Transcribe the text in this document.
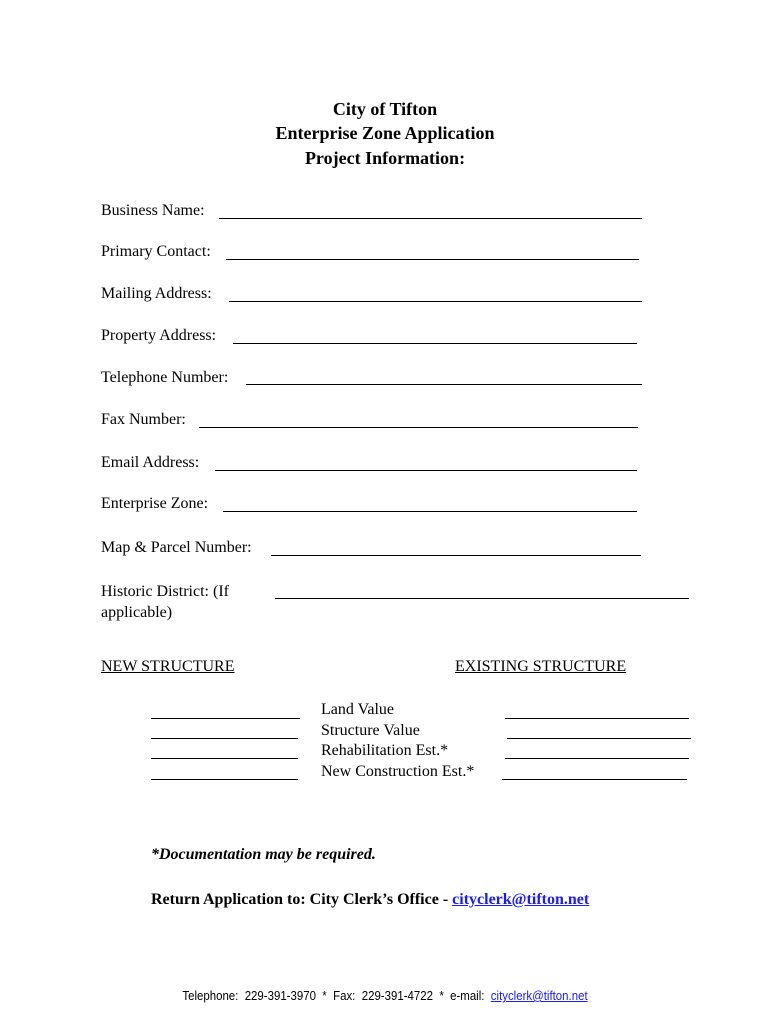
City of Tifton
Enterprise Zone Application
Project Information:
Business Name:
Primary Contact:
Mailing Address:
Property Address:
Telephone Number:
Fax Number:
Email Address:
Enterprise Zone:
Map & Parcel Number:
Historic District: (If applicable)
NEW STRUCTURE	EXISTING STRUCTURE
Land Value
Structure Value
Rehabilitation Est.*
New Construction Est.*
*Documentation may be required.
Return Application to: City Clerk’s Office - cityclerk@tifton.net
Telephone:  229-391-3970  *  Fax:  229-391-4722  *  e-mail:  cityclerk@tifton.net
